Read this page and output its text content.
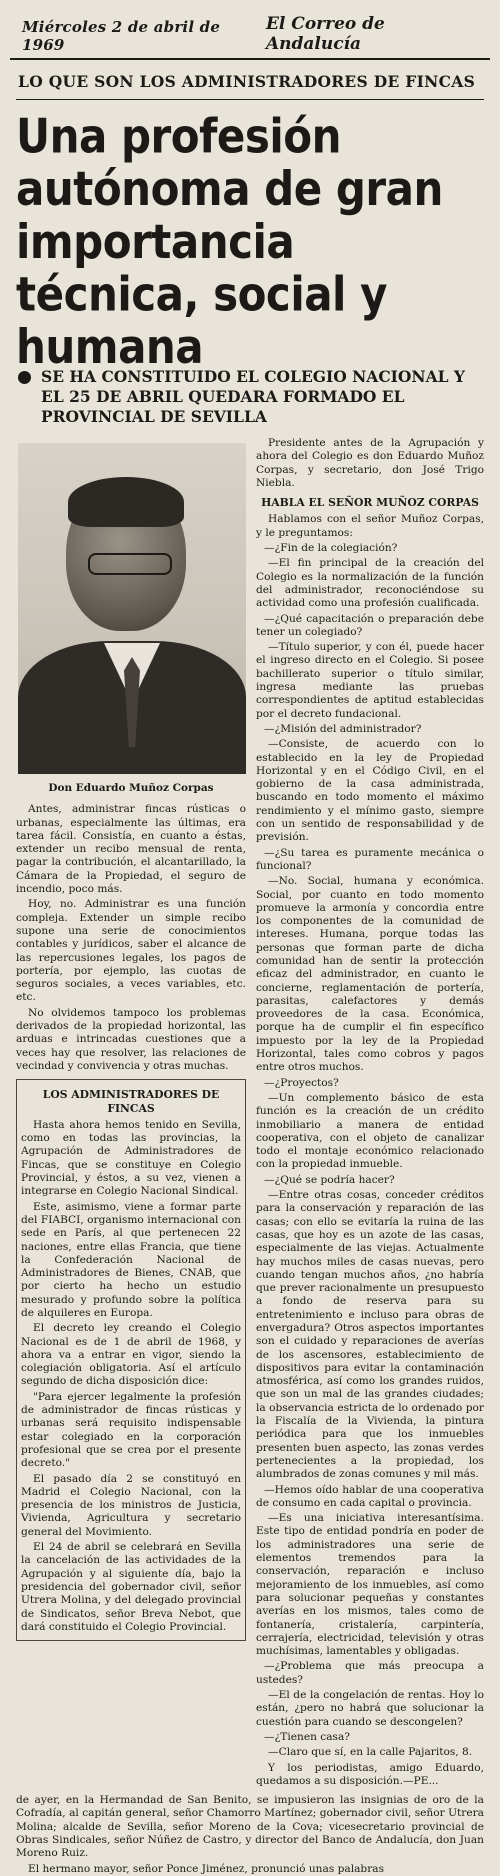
Miércoles 2 de abril de 1969
El Correo de Andalucía
LO QUE SON LOS ADMINISTRADORES DE FINCAS
Una profesión autónoma de gran importancia técnica, social y humana
SE HA CONSTITUIDO EL COLEGIO NACIONAL Y EL 25 DE ABRIL QUEDARA FORMADO EL PROVINCIAL DE SEVILLA
Don Eduardo Muñoz Corpas

Antes, administrar fincas rústicas o urbanas, especialmente las últimas, era tarea fácil. Consistía, en cuanto a éstas, extender un recibo mensual de renta, pagar la contribución, el alcantarillado, la Cámara de la Propiedad, el seguro de incendio, poco más.

Hoy, no. Administrar es una función compleja. Extender un simple recibo supone una serie de conocimientos contables y jurídicos, saber el alcance de las repercusiones legales, los pagos de portería, por ejemplo, las cuotas de seguros sociales, a veces variables, etc. etc.

No olvidemos tampoco los problemas derivados de la propiedad horizontal, las arduas e intrincadas cuestiones que a veces hay que resolver, las relaciones de vecindad y convivencia y otras muchas.

LOS ADMINISTRADORES DE FINCAS

Hasta ahora hemos tenido en Sevilla, como en todas las provincias, la Agrupación de Administradores de Fincas, que se constituye en Colegio Provincial, y éstos, a su vez, vienen a integrarse en Colegio Nacional Sindical.

Este, asimismo, viene a formar parte del FIABCI, organismo internacional con sede en París, al que pertenecen 22 naciones, entre ellas Francia, que tiene la Confederación Nacional de Administradores de Bienes, CNAB, que por cierto ha hecho un estudio mesurado y profundo sobre la política de alquileres en Europa.

El decreto ley creando el Colegio Nacional es de 1 de abril de 1968, y ahora va a entrar en vigor, siendo la colegiación obligatoria. Así el artículo segundo de dicha disposición dice:

"Para ejercer legalmente la profesión de administrador de fincas rústicas y urbanas será requisito indispensable estar colegiado en la corporación profesional que se crea por el presente decreto."

El pasado día 2 se constituyó en Madrid el Colegio Nacional, con la presencia de los ministros de Justicia, Vivienda, Agricultura y secretario general del Movimiento.

El 24 de abril se celebrará en Sevilla la cancelación de las actividades de la Agrupación y al siguiente día, bajo la presidencia del gobernador civil, señor Utrera Molina, y del delegado provincial de Sindicatos, señor Breva Nebot, que dará constituido el Colegio Provincial.

Presidente antes de la Agrupación y ahora del Colegio es don Eduardo Muñoz Corpas, y secretario, don José Trigo Niebla.

HABLA EL SEÑOR MUÑOZ CORPAS

Hablamos con el señor Muñoz Corpas, y le preguntamos:

—¿Fin de la colegiación?

—El fin principal de la creación del Colegio es la normalización de la función del administrador, reconociéndose su actividad como una profesión cualificada.

—¿Qué capacitación o preparación debe tener un colegiado?

—Título superior, y con él, puede hacer el ingreso directo en el Colegio. Si posee bachillerato superior o título similar, ingresa mediante las pruebas correspondientes de aptitud establecidas por el decreto fundacional.

—¿Misión del administrador?

—Consiste, de acuerdo con lo establecido en la ley de Propiedad Horizontal y en el Código Civil, en el gobierno de la casa administrada, buscando en todo momento el máximo rendimiento y el mínimo gasto, siempre con un sentido de responsabilidad y de previsión.

—¿Su tarea es puramente mecánica o funcional?

—No. Social, humana y económica. Social, por cuanto en todo momento promueve la armonía y concordia entre los componentes de la comunidad de intereses. Humana, porque todas las personas que forman parte de dicha comunidad han de sentir la protección eficaz del administrador, en cuanto le concierne, reglamentación de portería, parasitas, calefactores y demás proveedores de la casa. Económica, porque ha de cumplir el fin específico impuesto por la ley de la Propiedad Horizontal, tales como cobros y pagos entre otros muchos.

—¿Proyectos?

—Un complemento básico de esta función es la creación de un crédito inmobiliario a manera de entidad cooperativa, con el objeto de canalizar todo el montaje económico relacionado con la propiedad inmueble.

—¿Qué se podría hacer?

—Entre otras cosas, conceder créditos para la conservación y reparación de las casas; con ello se evitaría la ruina de las casas, que hoy es un azote de las casas, especialmente de las viejas. Actualmente hay muchos miles de casas nuevas, pero cuando tengan muchos años, ¿no habría que prever racionalmente un presupuesto a fondo de reserva para su entretenimiento e incluso para obras de envergadura? Otros aspectos importantes son el cuidado y reparaciones de averías de los ascensores, establecimiento de dispositivos para evitar la contaminación atmosférica, así como los grandes ruidos, que son un mal de las grandes ciudades; la observancia estricta de lo ordenado por la Fiscalía de la Vivienda, la pintura periódica para que los inmuebles presenten buen aspecto, las zonas verdes pertenecientes a la propiedad, los alumbrados de zonas comunes y mil más.

—Hemos oído hablar de una cooperativa de consumo en cada capital o provincia.

—Es una iniciativa interesantísima. Este tipo de entidad pondría en poder de los administradores una serie de elementos tremendos para la conservación, reparación e incluso mejoramiento de los inmuebles, así como para solucionar pequeñas y constantes averías en los mismos, tales como de fontanería, cristalería, carpintería, cerrajería, electricidad, televisión y otras muchísimas, lamentables y obligadas.

—¿Problema que más preocupa a ustedes?

—El de la congelación de rentas. Hoy lo están, ¿pero no habrá que solucionar la cuestión para cuando se descongelen?

—¿Tienen casa?

—Claro que sí, en la calle Pajaritos, 8.

Y los periodistas, amigo Eduardo, quedamos a su disposición.—PE...

de ayer, en la Hermandad de San Benito, se impusieron las insignias de oro de la Cofradía, al capitán general, señor Chamorro Martínez; gobernador civil, señor Utrera Molina; alcalde de Sevilla, señor Moreno de la Cova; vicesecretario provincial de Obras Sindicales, señor Núñez de Castro, y director del Banco de Andalucía, don Juan Moreno Ruiz.

El hermano mayor, señor Ponce Jiménez, pronunció unas palabras
